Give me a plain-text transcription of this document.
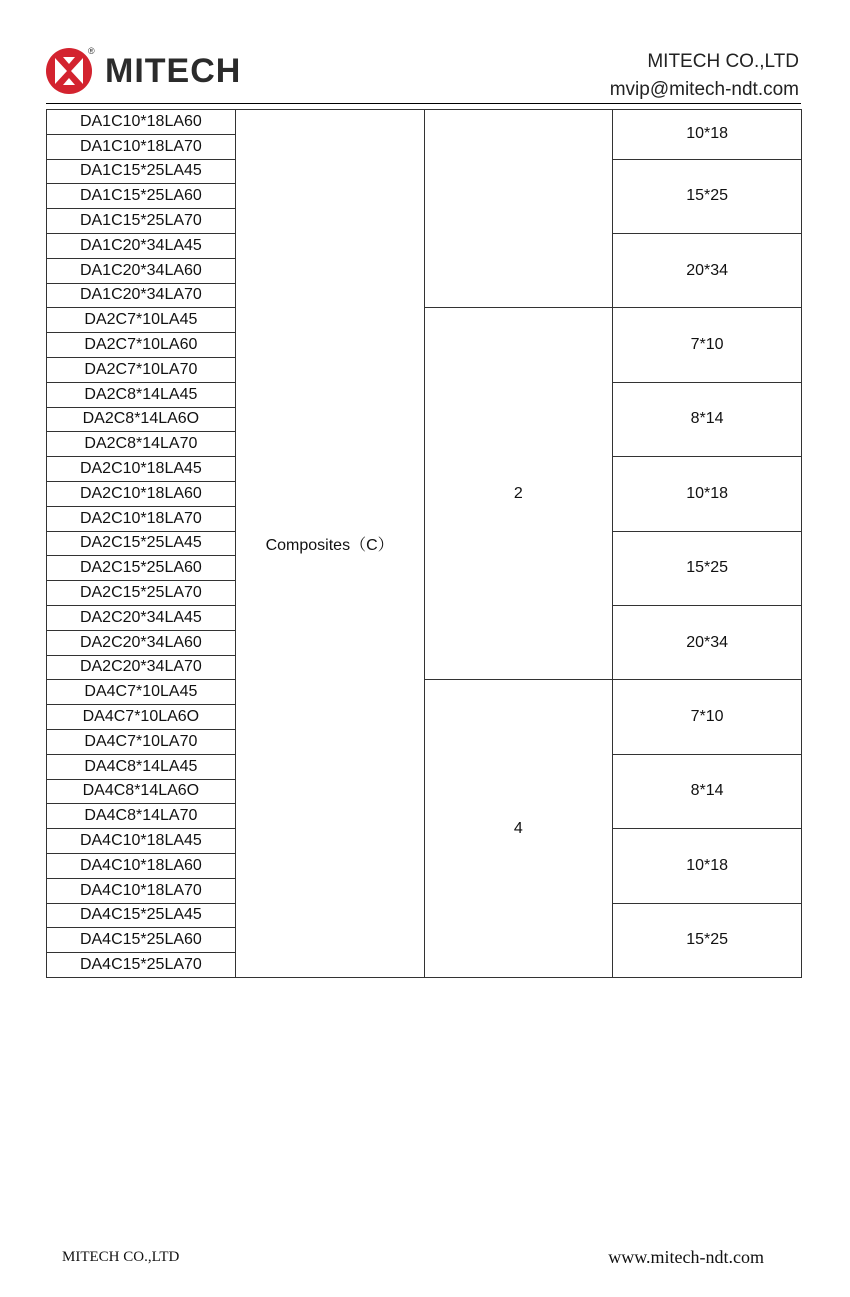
MITECH
®	MITECH CO.,LTD
mvip@mitech-ndt.com
DA1C10*18LA60	Composites（C）		10*18
DA1C10*18LA70			
DA1C15*25LA45			15*25
DA1C15*25LA60			
DA1C15*25LA70			
DA1C20*34LA45			20*34
DA1C20*34LA60			
DA1C20*34LA70			
DA2C7*10LA45		2	7*10
DA2C7*10LA60			
DA2C7*10LA70			
DA2C8*14LA45			8*14
DA2C8*14LA6O			
DA2C8*14LA70			
DA2C10*18LA45			10*18
DA2C10*18LA60			
DA2C10*18LA70			
DA2C15*25LA45			15*25
DA2C15*25LA60			
DA2C15*25LA70			
DA2C20*34LA45			20*34
DA2C20*34LA60			
DA2C20*34LA70			
DA4C7*10LA45		4	7*10
DA4C7*10LA6O			
DA4C7*10LA70			
DA4C8*14LA45			8*14
DA4C8*14LA6O			
DA4C8*14LA70			
DA4C10*18LA45			10*18
DA4C10*18LA60			
DA4C10*18LA70			
DA4C15*25LA45			15*25
DA4C15*25LA60			
DA4C15*25LA70			
MITECH CO.,LTD	www.mitech-ndt.com
